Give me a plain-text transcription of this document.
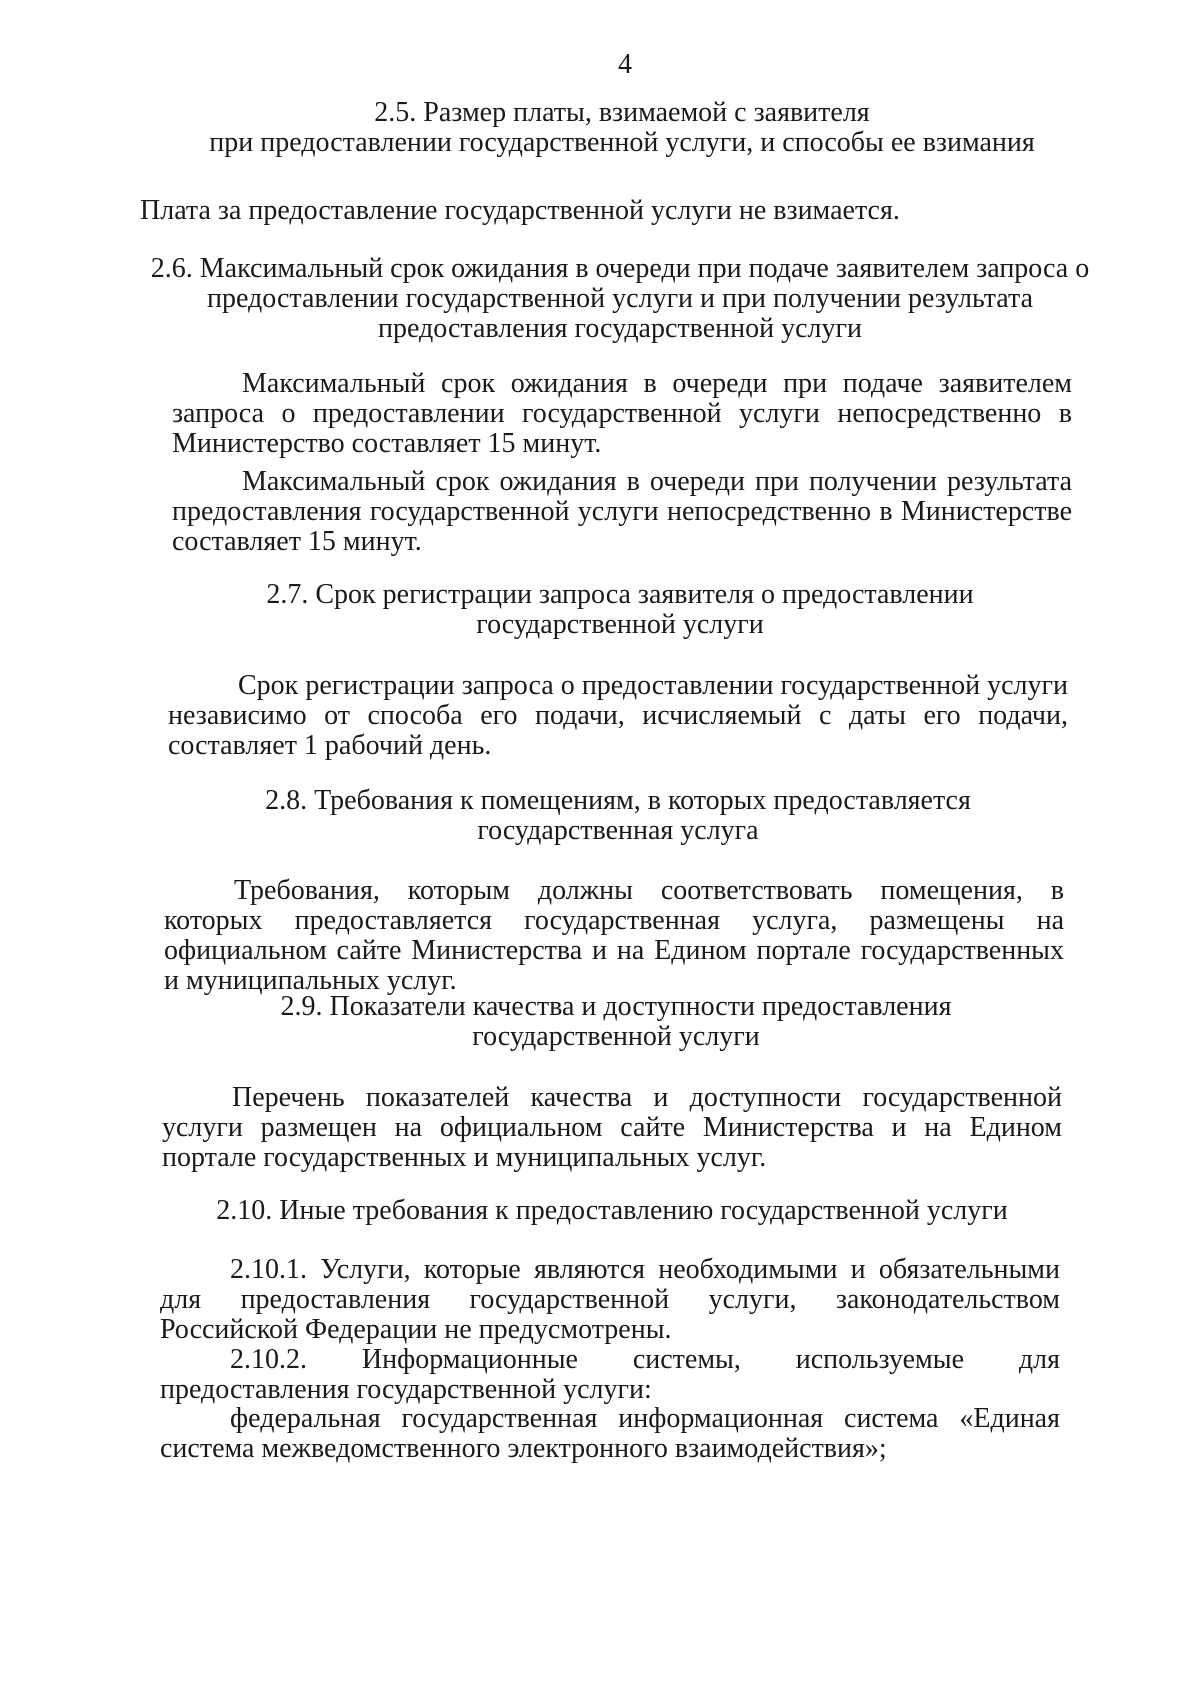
4
2.5. Размер платы, взимаемой с заявителя
при предоставлении государственной услуги, и способы ее взимания
Плата за предоставление государственной услуги не взимается.
2.6. Максимальный срок ожидания в очереди при подаче заявителем запроса о
предоставлении государственной услуги и при получении результата
предоставления государственной услуги
Максимальный срок ожидания в очереди при подаче заявителем запроса о предоставлении государственной услуги непосредственно в Министерство составляет 15 минут.
Максимальный срок ожидания в очереди при получении результата предоставления государственной услуги непосредственно в Министерстве составляет 15 минут.
2.7. Срок регистрации запроса заявителя о предоставлении
государственной услуги
Срок регистрации запроса о предоставлении государственной услуги независимо от способа его подачи, исчисляемый с даты его подачи, составляет 1 рабочий день.
2.8. Требования к помещениям, в которых предоставляется
государственная услуга
Требования, которым должны соответствовать помещения, в которых предоставляется государственная услуга, размещены на официальном сайте Министерства и на Едином портале государственных и муниципальных услуг.
2.9. Показатели качества и доступности предоставления
государственной услуги
Перечень показателей качества и доступности государственной услуги размещен на официальном сайте Министерства и на Едином портале государственных и муниципальных услуг.
2.10. Иные требования к предоставлению государственной услуги
2.10.1. Услуги, которые являются необходимыми и обязательными для предоставления государственной услуги, законодательством Российской Федерации не предусмотрены.
2.10.2. Информационные системы, используемые для предоставления государственной услуги:
федеральная государственная информационная система «Единая система межведомственного электронного взаимодействия»;
